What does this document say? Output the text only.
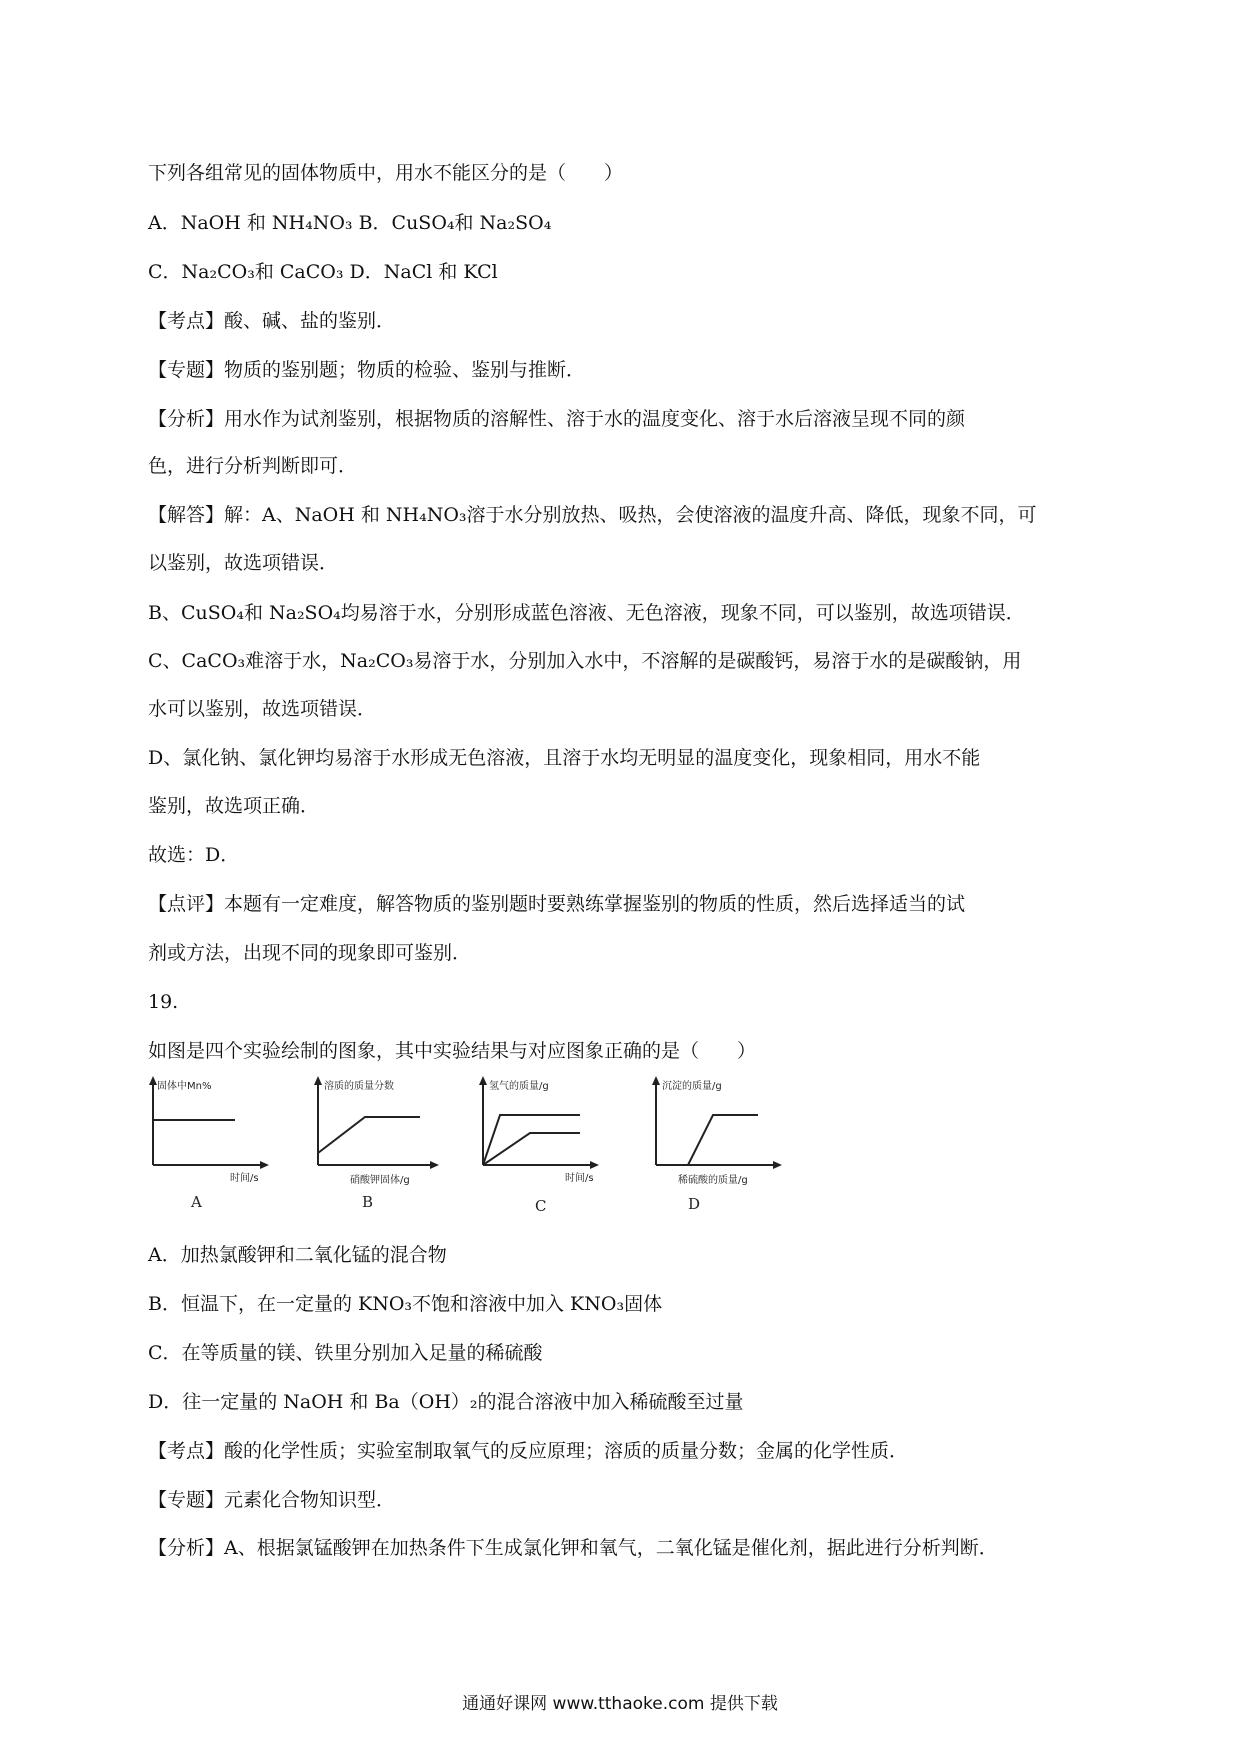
下列各组常见的固体物质中，用水不能区分的是（　　）
A．NaOH 和 NH₄NO₃ B．CuSO₄和 Na₂SO₄
C．Na₂CO₃和 CaCO₃ D．NaCl 和 KCl
【考点】酸、碱、盐的鉴别．
【专题】物质的鉴别题；物质的检验、鉴别与推断．
【分析】用水作为试剂鉴别，根据物质的溶解性、溶于水的温度变化、溶于水后溶液呈现不同的颜
色，进行分析判断即可．
【解答】解：A、NaOH 和 NH₄NO₃溶于水分别放热、吸热，会使溶液的温度升高、降低，现象不同，可
以鉴别，故选项错误．
B、CuSO₄和 Na₂SO₄均易溶于水，分别形成蓝色溶液、无色溶液，现象不同，可以鉴别，故选项错误．
C、CaCO₃难溶于水，Na₂CO₃易溶于水，分别加入水中，不溶解的是碳酸钙，易溶于水的是碳酸钠，用
水可以鉴别，故选项错误．
D、氯化钠、氯化钾均易溶于水形成无色溶液，且溶于水均无明显的温度变化，现象相同，用水不能
鉴别，故选项正确．
故选：D．
【点评】本题有一定难度，解答物质的鉴别题时要熟练掌握鉴别的物质的性质，然后选择适当的试
剂或方法，出现不同的现象即可鉴别．
19.
如图是四个实验绘制的图象，其中实验结果与对应图象正确的是（　　）
固体中Mn%
时间/s
A
溶质的质量分数
硝酸钾固体/g
B
氢气的质量/g
时间/s
C
沉淀的质量/g
稀硫酸的质量/g
D
A．加热氯酸钾和二氧化锰的混合物
B．恒温下，在一定量的 KNO₃不饱和溶液中加入 KNO₃固体
C．在等质量的镁、铁里分别加入足量的稀硫酸
D．往一定量的 NaOH 和 Ba（OH）₂的混合溶液中加入稀硫酸至过量
【考点】酸的化学性质；实验室制取氧气的反应原理；溶质的质量分数；金属的化学性质．
【专题】元素化合物知识型．
【分析】A、根据氯锰酸钾在加热条件下生成氯化钾和氧气，二氧化锰是催化剂，据此进行分析判断．
通通好课网 www.tthaoke.com 提供下载
